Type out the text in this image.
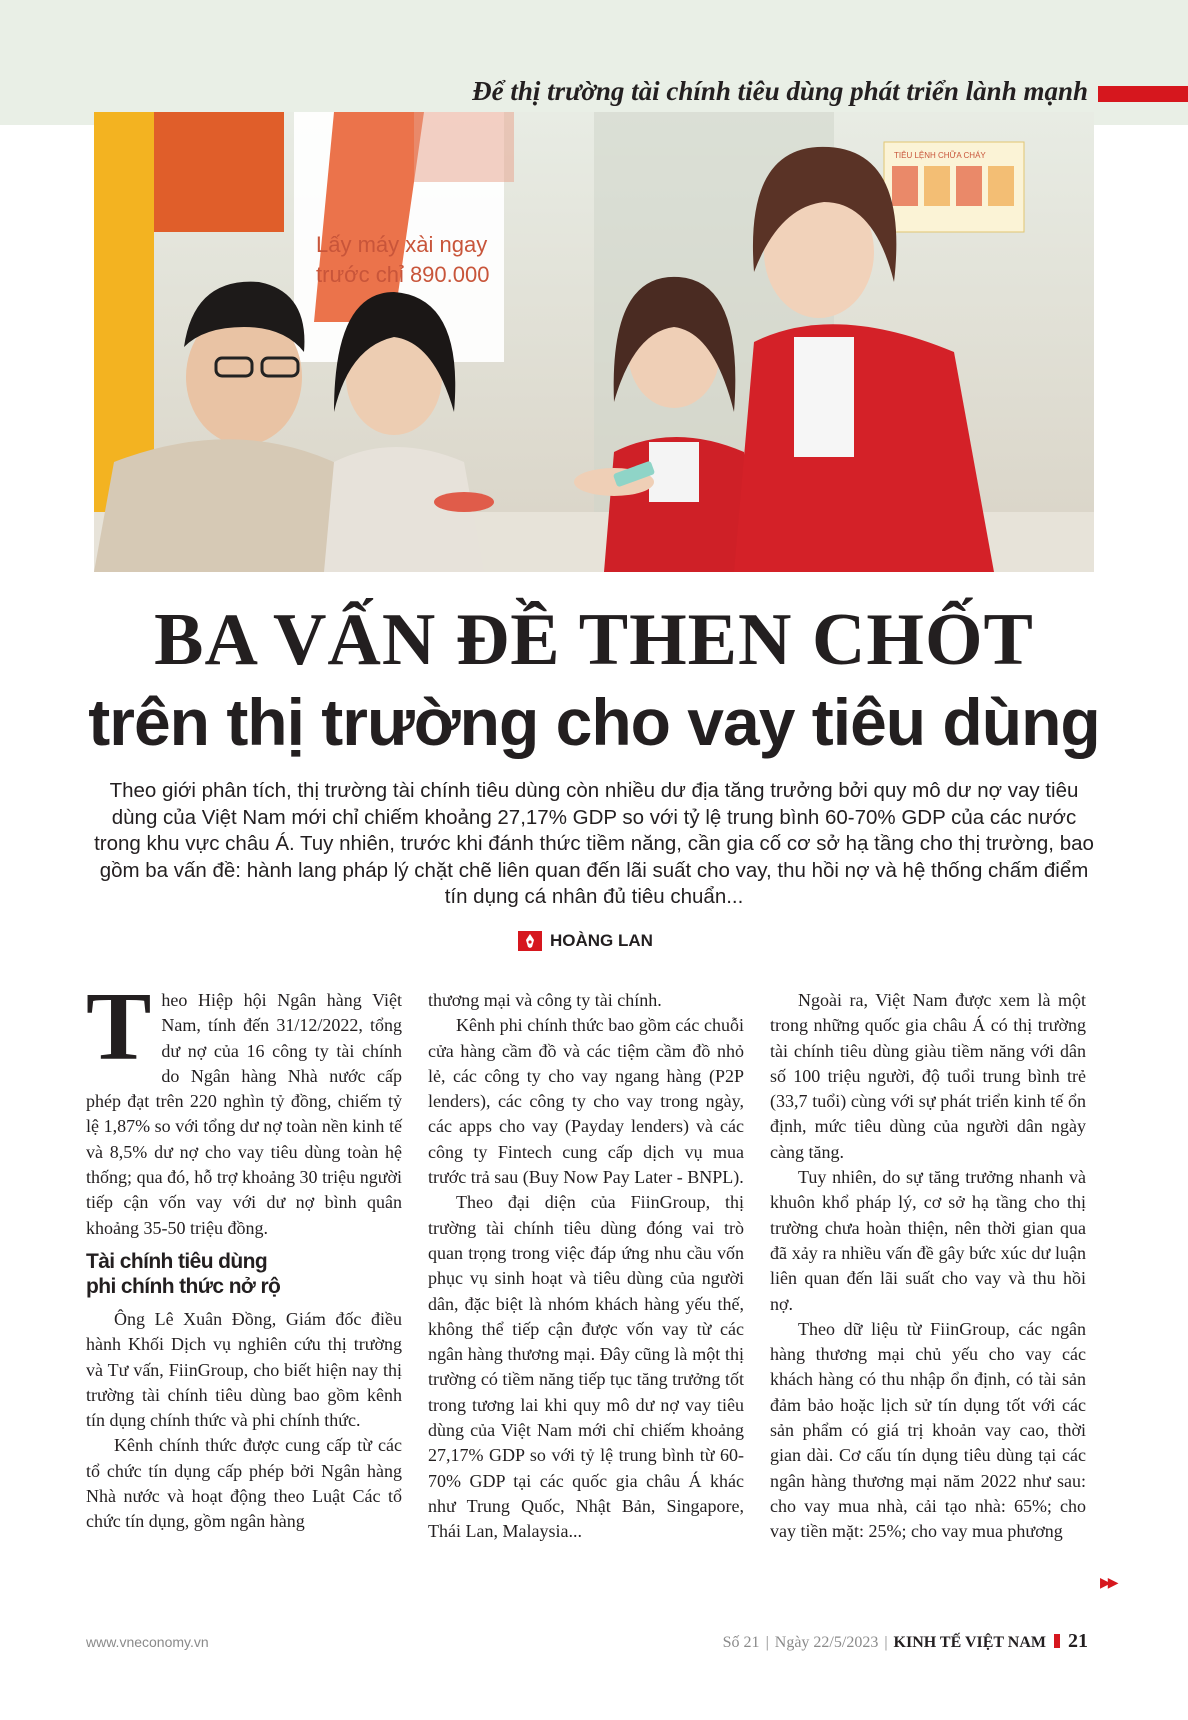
Để thị trường tài chính tiêu dùng phát triển lành mạnh
Lấy máy xài ngay
trước chỉ 890.000
TIÊU LỆNH CHỮA CHÁY
BA VẤN ĐỀ THEN CHỐT
trên thị trường cho vay tiêu dùng
Theo giới phân tích, thị trường tài chính tiêu dùng còn nhiều dư địa tăng trưởng bởi quy mô dư nợ vay tiêu dùng của Việt Nam mới chỉ chiếm khoảng 27,17% GDP so với tỷ lệ trung bình 60-70% GDP của các nước trong khu vực châu Á. Tuy nhiên, trước khi đánh thức tiềm năng, cần gia cố cơ sở hạ tầng cho thị trường, bao gồm ba vấn đề: hành lang pháp lý chặt chẽ liên quan đến lãi suất cho vay, thu hồi nợ và hệ thống chấm điểm tín dụng cá nhân đủ tiêu chuẩn...
HOÀNG LAN

Theo Hiệp hội Ngân hàng Việt Nam, tính đến 31/12/2022, tổng dư nợ của 16 công ty tài chính do Ngân hàng Nhà nước cấp phép đạt trên 220 nghìn tỷ đồng, chiếm tỷ lệ 1,87% so với tổng dư nợ toàn nền kinh tế và 8,5% dư nợ cho vay tiêu dùng toàn hệ thống; qua đó, hỗ trợ khoảng 30 triệu người tiếp cận vốn vay với dư nợ bình quân khoảng 35-50 triệu đồng.

Tài chính tiêu dùng
phi chính thức nở rộ

Ông Lê Xuân Đồng, Giám đốc điều hành Khối Dịch vụ nghiên cứu thị trường và Tư vấn, FiinGroup, cho biết hiện nay thị trường tài chính tiêu dùng bao gồm kênh tín dụng chính thức và phi chính thức.

Kênh chính thức được cung cấp từ các tổ chức tín dụng cấp phép bởi Ngân hàng Nhà nước và hoạt động theo Luật Các tổ chức tín dụng, gồm ngân hàng

thương mại và công ty tài chính.

Kênh phi chính thức bao gồm các chuỗi cửa hàng cầm đồ và các tiệm cầm đồ nhỏ lẻ, các công ty cho vay ngang hàng (P2P lenders), các công ty cho vay trong ngày, các apps cho vay (Payday lenders) và các công ty Fintech cung cấp dịch vụ mua trước trả sau (Buy Now Pay Later - BNPL).

Theo đại diện của FiinGroup, thị trường tài chính tiêu dùng đóng vai trò quan trọng trong việc đáp ứng nhu cầu vốn phục vụ sinh hoạt và tiêu dùng của người dân, đặc biệt là nhóm khách hàng yếu thế, không thể tiếp cận được vốn vay từ các ngân hàng thương mại. Đây cũng là một thị trường có tiềm năng tiếp tục tăng trưởng tốt trong tương lai khi quy mô dư nợ vay tiêu dùng của Việt Nam mới chỉ chiếm khoảng 27,17% GDP so với tỷ lệ trung bình từ 60-70% GDP tại các quốc gia châu Á khác như Trung Quốc, Nhật Bản, Singapore, Thái Lan, Malaysia...

Ngoài ra, Việt Nam được xem là một trong những quốc gia châu Á có thị trường tài chính tiêu dùng giàu tiềm năng với dân số 100 triệu người, độ tuổi trung bình trẻ (33,7 tuổi) cùng với sự phát triển kinh tế ổn định, mức tiêu dùng của người dân ngày càng tăng.

Tuy nhiên, do sự tăng trưởng nhanh và khuôn khổ pháp lý, cơ sở hạ tầng cho thị trường chưa hoàn thiện, nên thời gian qua đã xảy ra nhiều vấn đề gây bức xúc dư luận liên quan đến lãi suất cho vay và thu hồi nợ.

Theo dữ liệu từ FiinGroup, các ngân hàng thương mại chủ yếu cho vay các khách hàng có thu nhập ổn định, có tài sản đảm bảo hoặc lịch sử tín dụng tốt với các sản phẩm có giá trị khoản vay cao, thời gian dài. Cơ cấu tín dụng tiêu dùng tại các ngân hàng thương mại năm 2022 như sau: cho vay mua nhà, cải tạo nhà: 65%; cho vay tiền mặt: 25%; cho vay mua phương

▶▶
www.vneconomy.vn	Số 21 | Ngày 22/5/2023 | KINH TẾ VIỆT NAM 21
